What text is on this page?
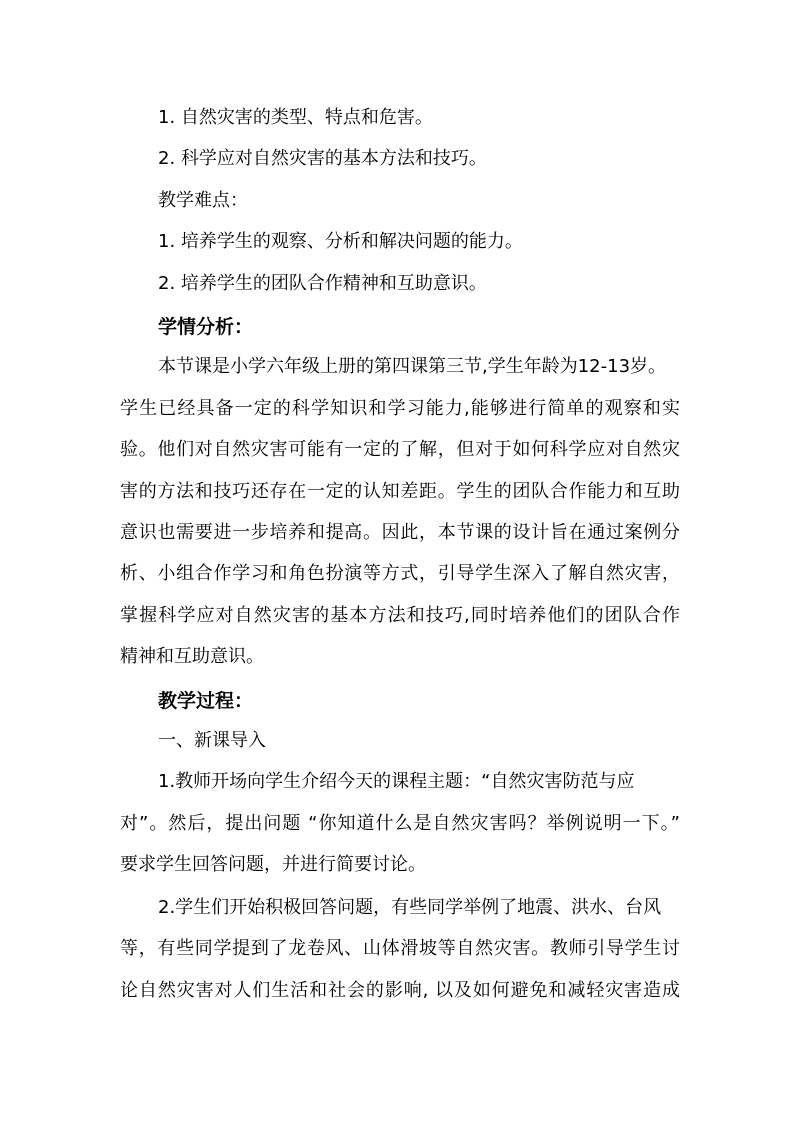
1. 自然灾害的类型、特点和危害。
2. 科学应对自然灾害的基本方法和技巧。
教学难点：
1. 培养学生的观察、分析和解决问题的能力。
2. 培养学生的团队合作精神和互助意识。
学情分析：
本节课是小学六年级上册的第四课第三节,学生年龄为12-13岁。
学生已经具备一定的科学知识和学习能力,能够进行简单的观察和实
验。他们对自然灾害可能有一定的了解，但对于如何科学应对自然灾
害的方法和技巧还存在一定的认知差距。学生的团队合作能力和互助
意识也需要进一步培养和提高。因此，本节课的设计旨在通过案例分
析、小组合作学习和角色扮演等方式，引导学生深入了解自然灾害，
掌握科学应对自然灾害的基本方法和技巧,同时培养他们的团队合作
精神和互助意识。
教学过程：
一、新课导入
1.教师开场向学生介绍今天的课程主题：“自然灾害防范与应
对”。然后，提出问题 “你知道什么是自然灾害吗？举例说明一下。”
要求学生回答问题，并进行简要讨论。
2.学生们开始积极回答问题，有些同学举例了地震、洪水、台风
等，有些同学提到了龙卷风、山体滑坡等自然灾害。教师引导学生讨
论自然灾害对人们生活和社会的影响, 以及如何避免和减轻灾害造成
